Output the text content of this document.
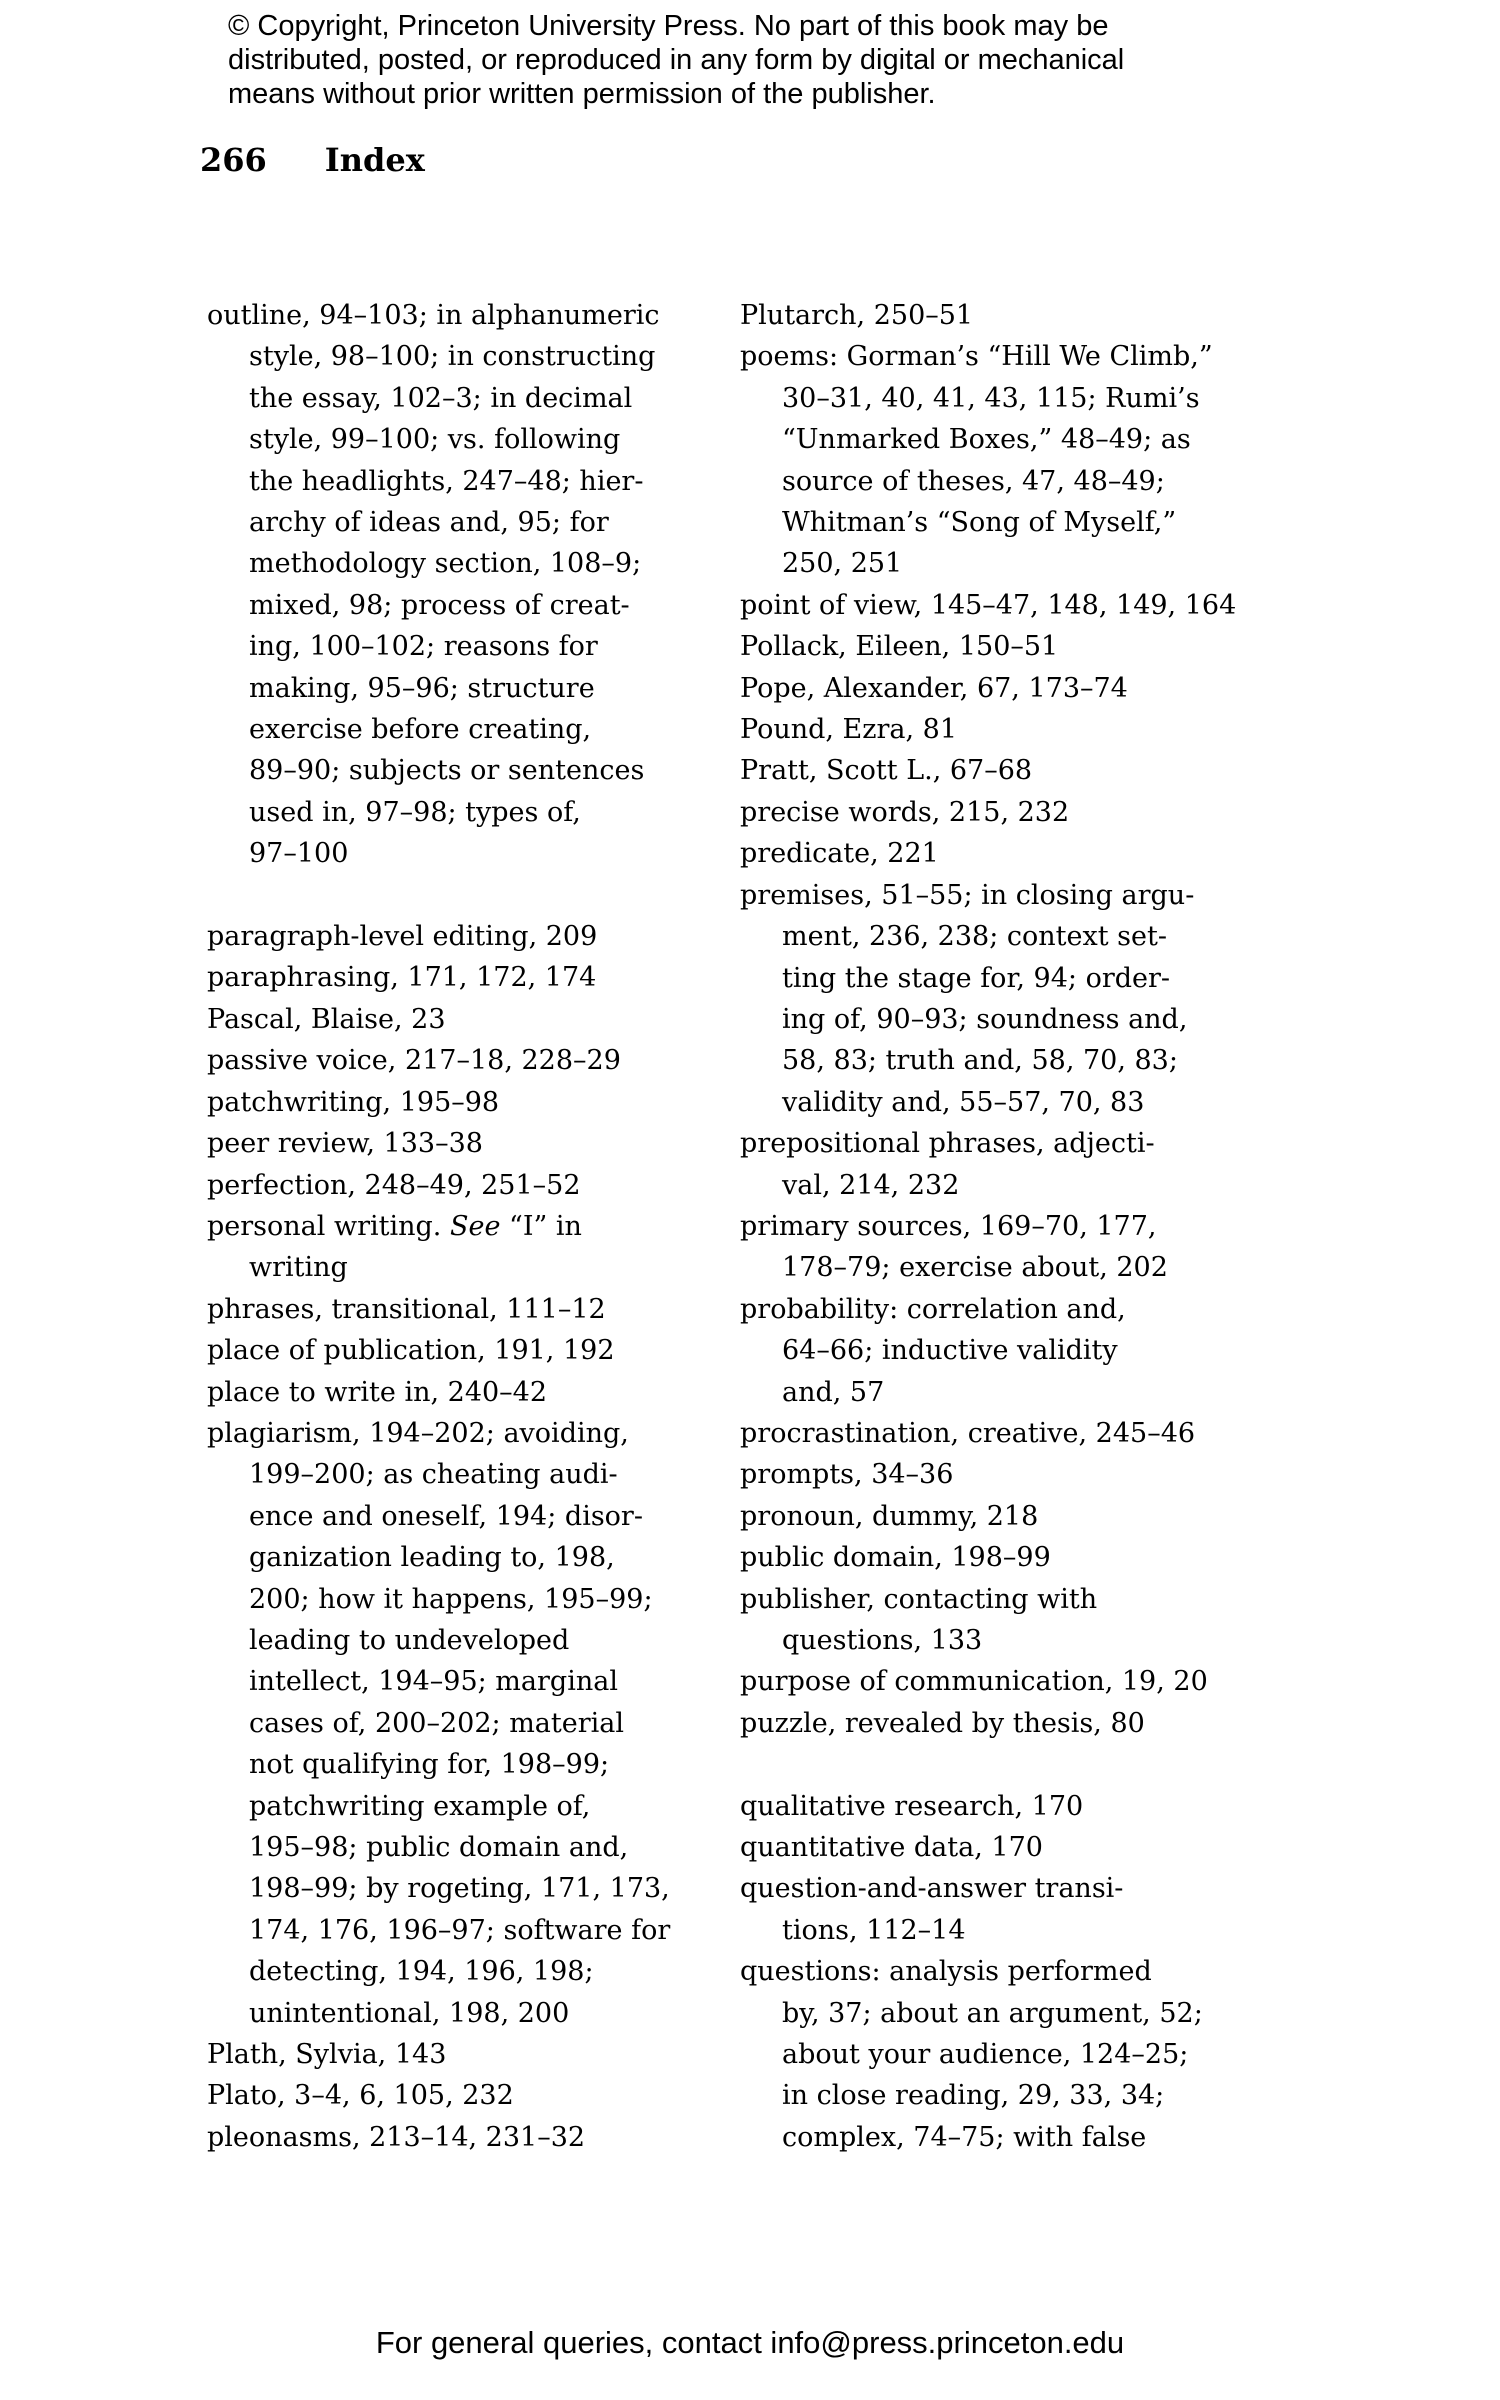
© Copyright, Princeton University Press. No part of this book may be
distributed, posted, or reproduced in any form by digital or mechanical
means without prior written permission of the publisher.
266 Index
outline, 94–103; in alphanumeric
style, 98–100; in constructing
the essay, 102–3; in decimal
style, 99–100; vs. following
the headlights, 247–48; hier-
archy of ideas and, 95; for
methodology section, 108–9;
mixed, 98; process of creat-
ing, 100–102; reasons for
making, 95–96; structure
exercise before creating,
89–90; subjects or sentences
used in, 97–98; types of,
97–100
paragraph-level editing, 209
paraphrasing, 171, 172, 174
Pascal, Blaise, 23
passive voice, 217–18, 228–29
patchwriting, 195–98
peer review, 133–38
perfection, 248–49, 251–52
personal writing. See “I” in
writing
phrases, transitional, 111–12
place of publication, 191, 192
place to write in, 240–42
plagiarism, 194–202; avoiding,
199–200; as cheating audi-
ence and oneself, 194; disor-
ganization leading to, 198,
200; how it happens, 195–99;
leading to undeveloped
intellect, 194–95; marginal
cases of, 200–202; material
not qualifying for, 198–99;
patchwriting example of,
195–98; public domain and,
198–99; by rogeting, 171, 173,
174, 176, 196–97; software for
detecting, 194, 196, 198;
unintentional, 198, 200
Plath, Sylvia, 143
Plato, 3–4, 6, 105, 232
pleonasms, 213–14, 231–32
Plutarch, 250–51
poems: Gorman’s “Hill We Climb,”
30–31, 40, 41, 43, 115; Rumi’s
“Unmarked Boxes,” 48–49; as
source of theses, 47, 48–49;
Whitman’s “Song of Myself,”
250, 251
point of view, 145–47, 148, 149, 164
Pollack, Eileen, 150–51
Pope, Alexander, 67, 173–74
Pound, Ezra, 81
Pratt, Scott L., 67–68
precise words, 215, 232
predicate, 221
premises, 51–55; in closing argu-
ment, 236, 238; context set-
ting the stage for, 94; order-
ing of, 90–93; soundness and,
58, 83; truth and, 58, 70, 83;
validity and, 55–57, 70, 83
prepositional phrases, adjecti-
val, 214, 232
primary sources, 169–70, 177,
178–79; exercise about, 202
probability: correlation and,
64–66; inductive validity
and, 57
procrastination, creative, 245–46
prompts, 34–36
pronoun, dummy, 218
public domain, 198–99
publisher, contacting with
questions, 133
purpose of communication, 19, 20
puzzle, revealed by thesis, 80
qualitative research, 170
quantitative data, 170
question-and-answer transi-
tions, 112–14
questions: analysis performed
by, 37; about an argument, 52;
about your audience, 124–25;
in close reading, 29, 33, 34;
complex, 74–75; with false
For general queries, contact info@press.princeton.edu
